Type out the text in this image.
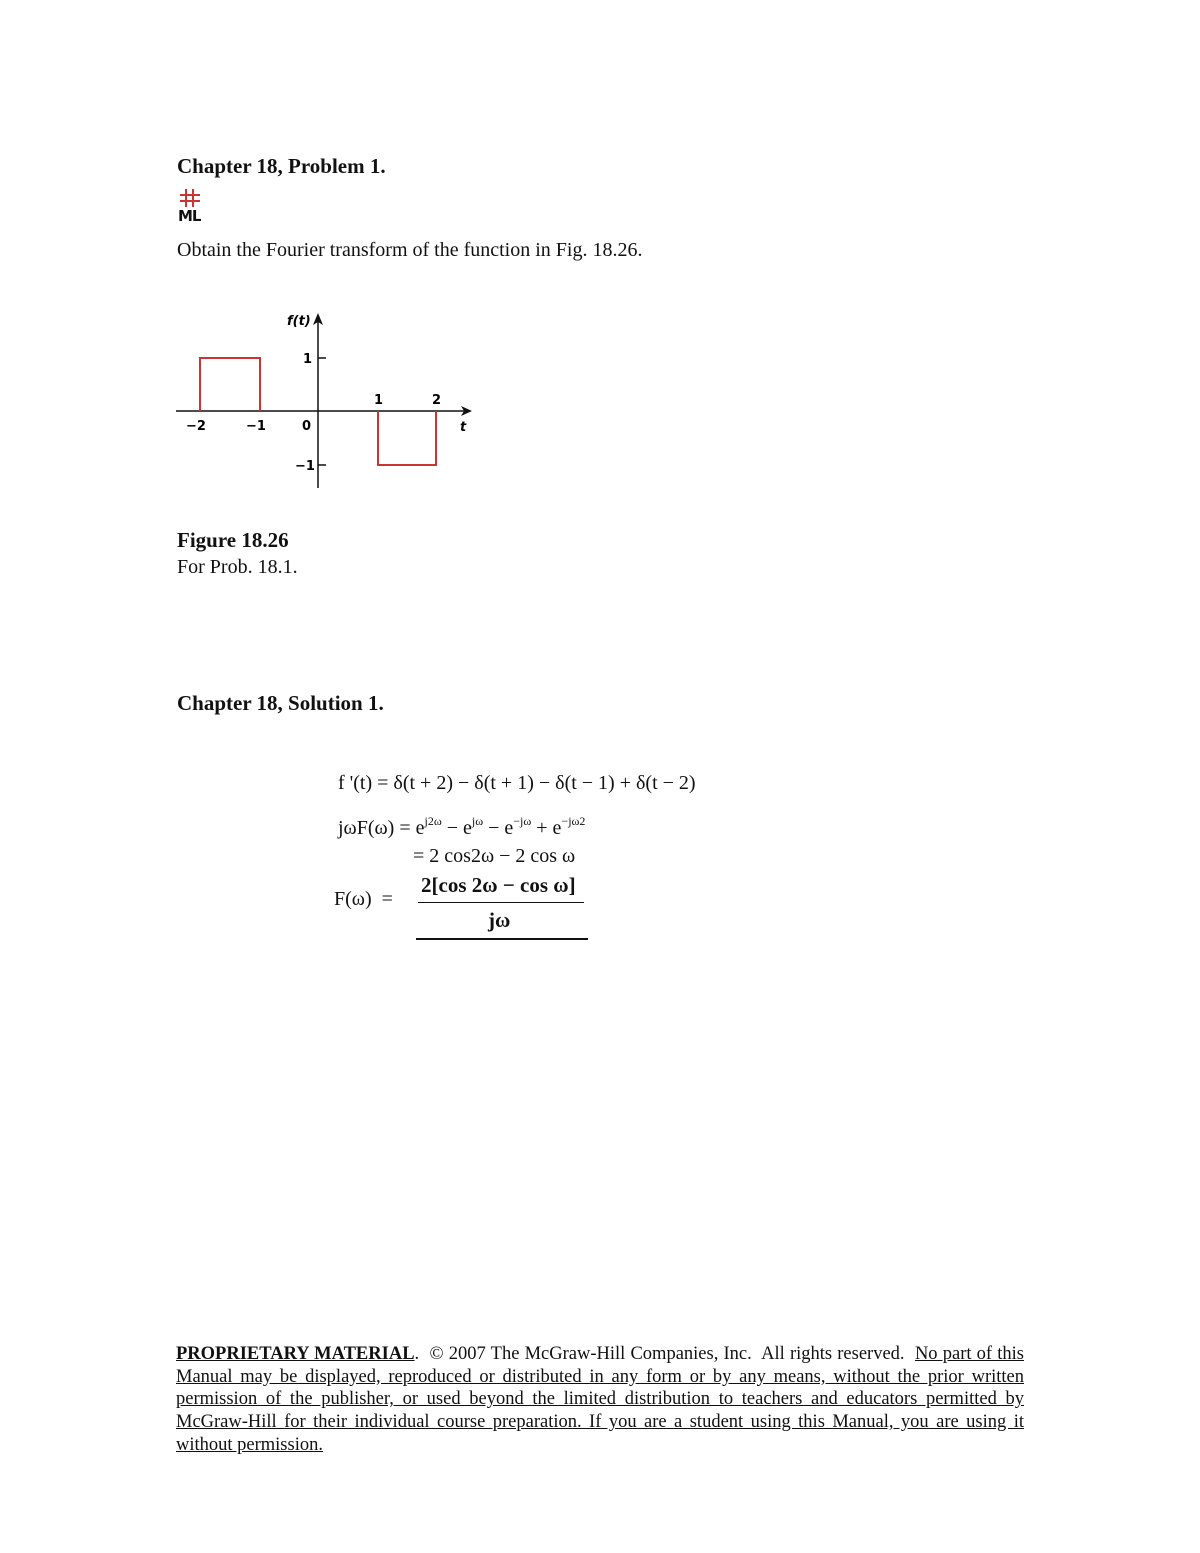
Chapter 18, Problem 1.
ML
Obtain the Fourier transform of the function in Fig. 18.26.
f(t)
t
1
−1
−2	−1	0
1	2
Figure 18.26
For Prob. 18.1.
Chapter 18, Solution 1.
f '(t) = δ(t + 2) − δ(t + 1) − δ(t − 1) + δ(t − 2)
$j\omega F(\omega) = e^{j2\omega} - e^{j\omega} - e^{-j\omega} + e^{-j\omega 2}$
= 2 cos2ω − 2 cos ω
F(ω)  =
2[cos 2ω − cos ω]
jω
PROPRIETARY MATERIAL.  © 2007 The McGraw-Hill Companies, Inc.  All rights reserved.  No part of this Manual may be displayed, reproduced or distributed in any form or by any means, without the prior written permission of the publisher, or used beyond the limited distribution to teachers and educators permitted by McGraw-Hill for their individual course preparation. If you are a student using this Manual, you are using it without permission.
